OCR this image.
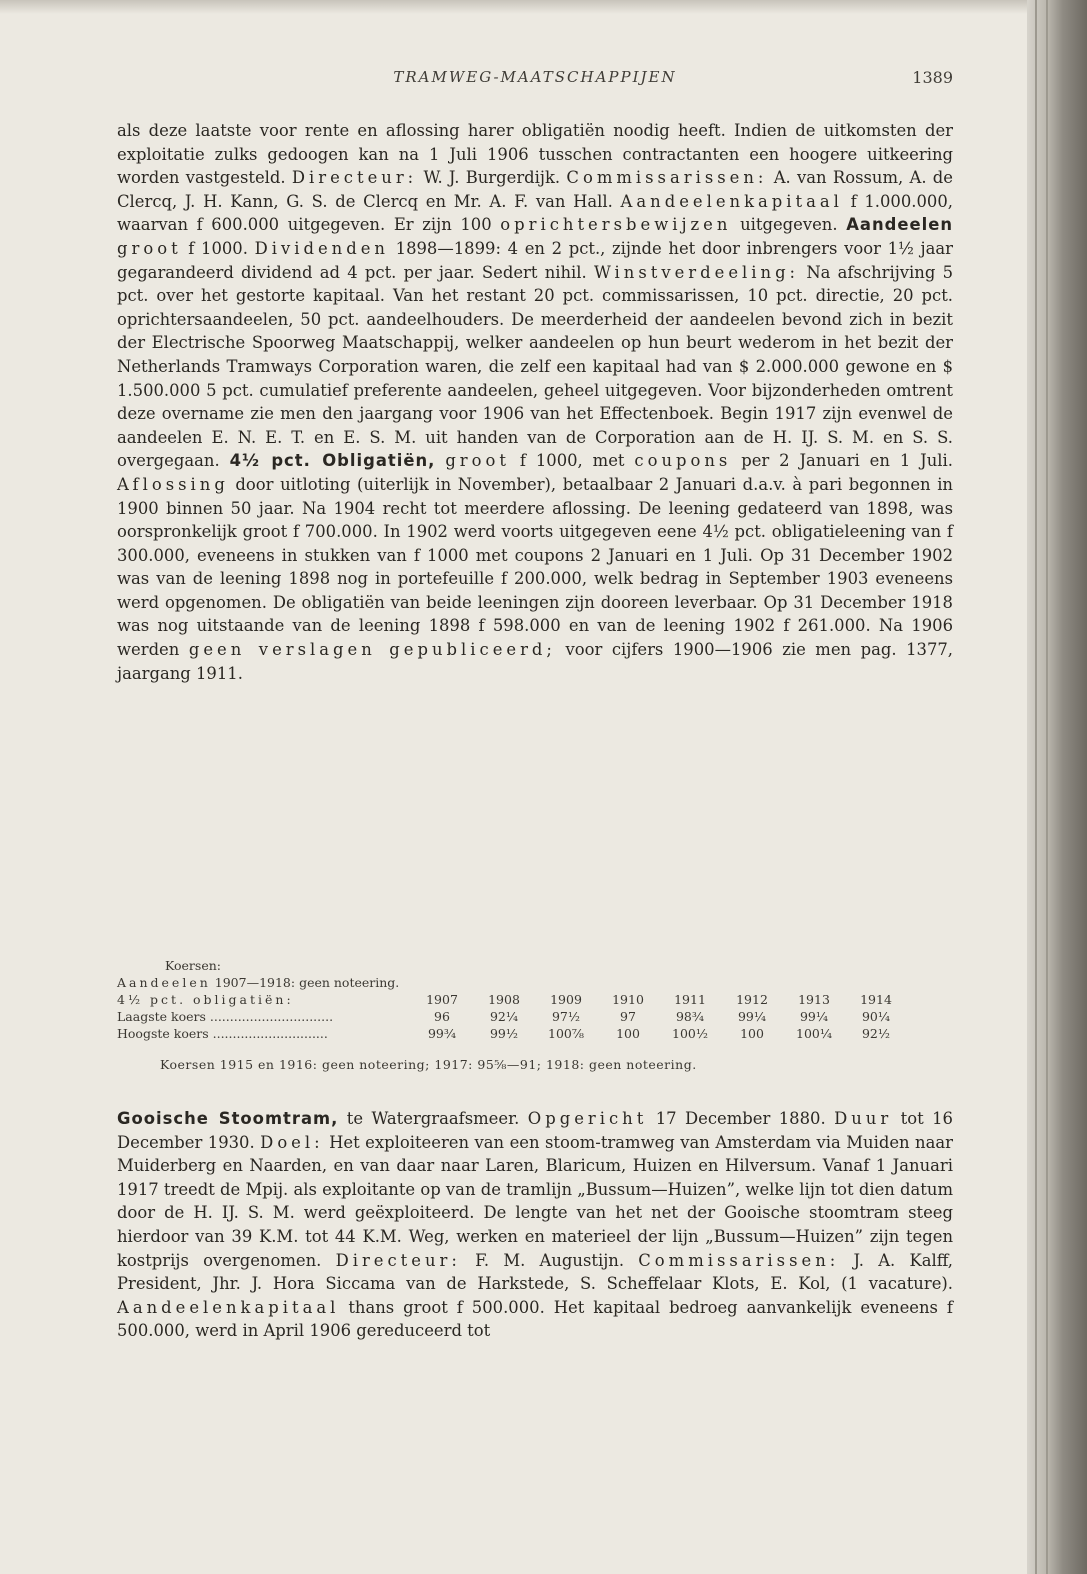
TRAMWEG-MAATSCHAPPIJEN	1389

als deze laatste voor rente en aflossing harer obligatiën noodig heeft. Indien de uitkomsten der exploitatie zulks gedoogen kan na 1 Juli 1906 tusschen contractanten een hoogere uitkeering worden vastgesteld. Directeur: W. J. Burgerdijk. Commissarissen: A. van Rossum, A. de Clercq, J. H. Kann, G. S. de Clercq en Mr. A. F. van Hall. Aandeelenkapitaal f 1.000.000, waarvan f 600.000 uitgegeven. Er zijn 100 oprichtersbewijzen uitgegeven. Aandeelen groot f 1000. Dividenden 1898—1899: 4 en 2 pct., zijnde het door inbrengers voor 1½ jaar gegarandeerd dividend ad 4 pct. per jaar. Sedert nihil. Winstverdeeling: Na afschrijving 5 pct. over het gestorte kapitaal. Van het restant 20 pct. commissarissen, 10 pct. directie, 20 pct. oprichtersaandeelen, 50 pct. aandeelhouders. De meerderheid der aandeelen bevond zich in bezit der Electrische Spoorweg Maatschappij, welker aandeelen op hun beurt wederom in het bezit der Netherlands Tramways Corporation waren, die zelf een kapitaal had van $ 2.000.000 gewone en $ 1.500.000 5 pct. cumulatief preferente aandeelen, geheel uitgegeven. Voor bijzonderheden omtrent deze overname zie men den jaargang voor 1906 van het Effectenboek. Begin 1917 zijn evenwel de aandeelen E. N. E. T. en E. S. M. uit handen van de Corporation aan de H. IJ. S. M. en S. S. overgegaan. 4½ pct. Obligatiën, groot f 1000, met coupons per 2 Januari en 1 Juli. Aflossing door uitloting (uiterlijk in November), betaalbaar 2 Januari d.a.v. à pari begonnen in 1900 binnen 50 jaar. Na 1904 recht tot meerdere aflossing. De leening gedateerd van 1898, was oorspronkelijk groot f 700.000. In 1902 werd voorts uitgegeven eene 4½ pct. obligatieleening van f 300.000, eveneens in stukken van f 1000 met coupons 2 Januari en 1 Juli. Op 31 December 1902 was van de leening 1898 nog in portefeuille f 200.000, welk bedrag in September 1903 eveneens werd opgenomen. De obligatiën van beide leeningen zijn dooreen leverbaar. Op 31 December 1918 was nog uitstaande van de leening 1898 f 598.000 en van de leening 1902 f 261.000. Na 1906 werden geen verslagen gepubliceerd; voor cijfers 1900—1906 zie men pag. 1377, jaargang 1911.

Koersen:
Aandeelen 1907—1918: geen noteering.
4½ pct. obligatiën:	1907	1908	1909	1910	1911	1912	1913	1914
Laagste koers ...............................	96	92¼	97½	97	98¾	99¼	99¼	90¼
Hoogste koers .............................	99¾	99½	100⅞	100	100½	100	100¼	92½
Koersen 1915 en 1916: geen noteering; 1917: 95⅝—91; 1918: geen noteering.

Gooische Stoomtram, te Watergraafsmeer. Opgericht 17 December 1880. Duur tot 16 December 1930. Doel: Het exploiteeren van een stoom-tramweg van Amsterdam via Muiden naar Muiderberg en Naarden, en van daar naar Laren, Blaricum, Huizen en Hilversum. Vanaf 1 Januari 1917 treedt de Mpij. als exploitante op van de tramlijn „Bussum—Huizen”, welke lijn tot dien datum door de H. IJ. S. M. werd geëxploiteerd. De lengte van het net der Gooische stoomtram steeg hierdoor van 39 K.M. tot 44 K.M. Weg, werken en materieel der lijn „Bussum—Huizen” zijn tegen kostprijs overgenomen. Directeur: F. M. Augustijn. Commissarissen: J. A. Kalff, President, Jhr. J. Hora Siccama van de Harkstede, S. Scheffelaar Klots, E. Kol, (1 vacature). Aandeelenkapitaal thans groot f 500.000. Het kapitaal bedroeg aanvankelijk eveneens f 500.000, werd in April 1906 gereduceerd tot
